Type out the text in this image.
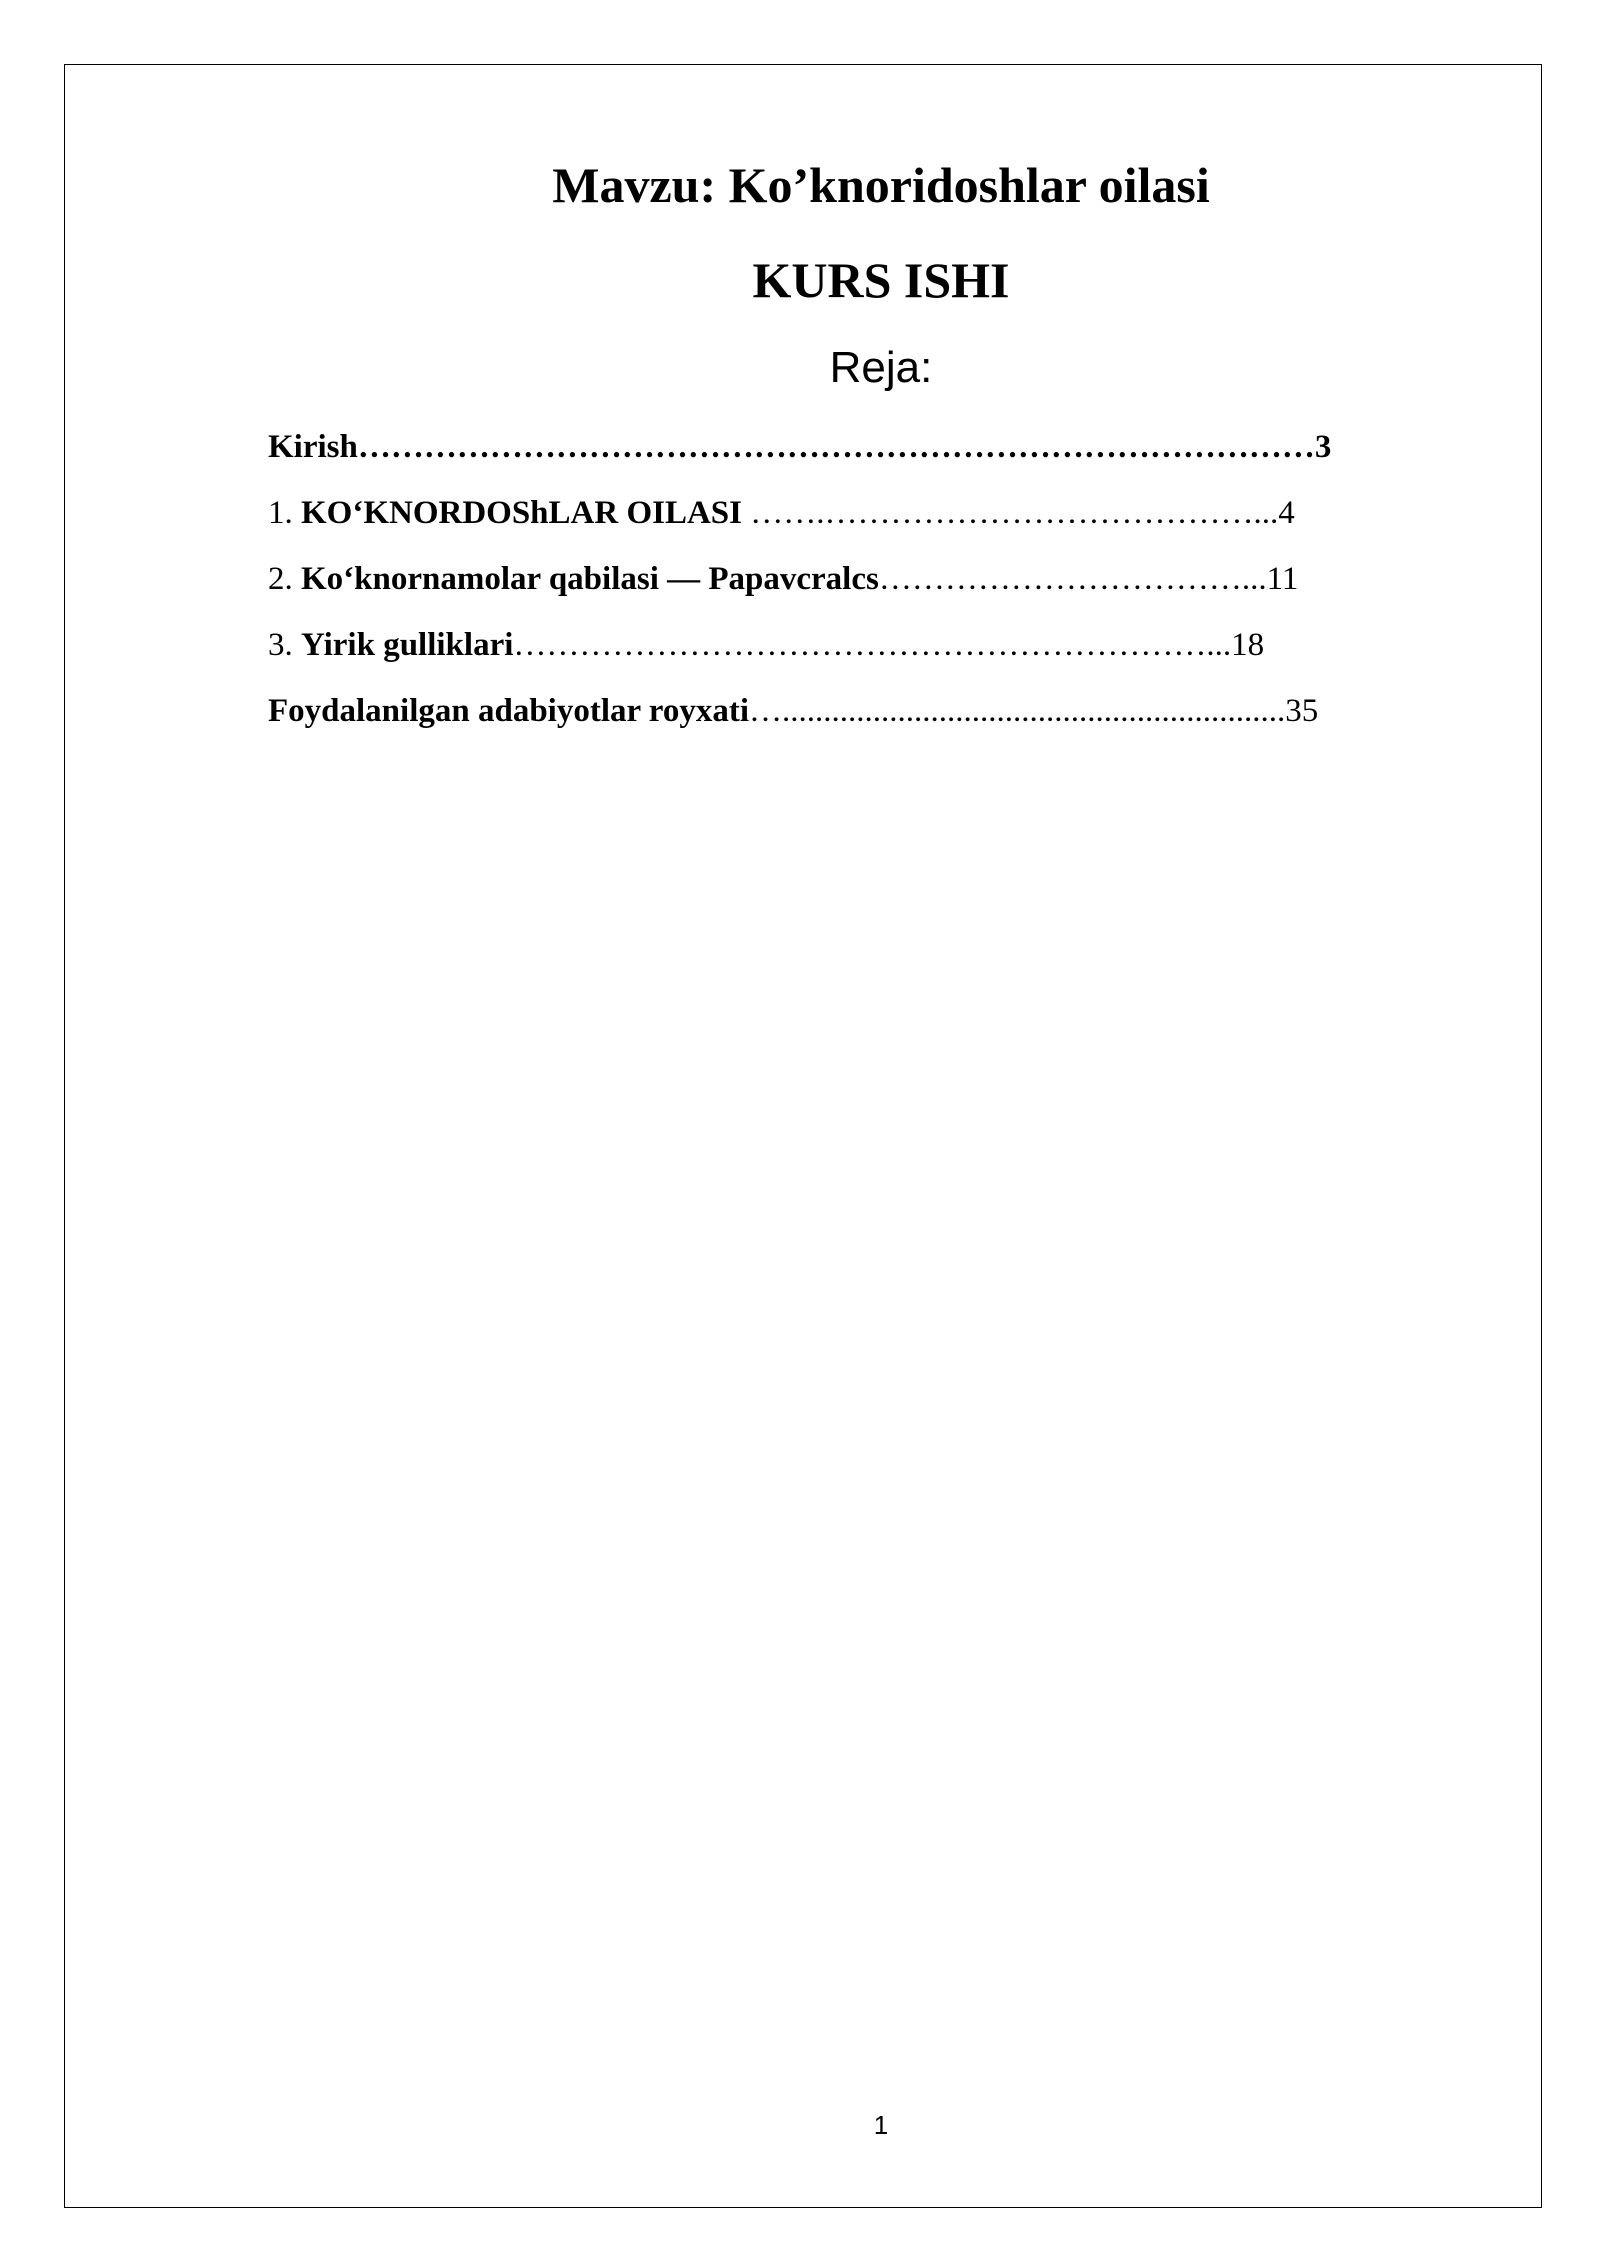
Mavzu: Ko’knoridoshlar oilasi
KURS ISHI
Reja:
Kirish……………………………………………………………………………3
1. KO‘KNORDOShLAR OILASI …….…………………………………...4
2. Ko‘knornamolar qabilasi — Papavcralcs……………………………...11
3. Yirik gulliklari………………………………………………………...18
Foydalanilgan adabiyotlar royxati….............................................................35
1
